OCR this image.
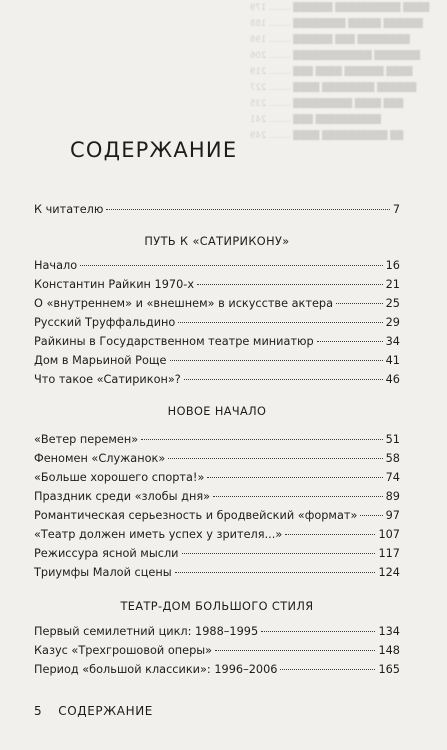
████ ██████████ ██████ ........ 179
██████ █████ ████████ ........ 188
████████ ███ ██████ ........ 198
███████ ████████████ ........ 206
████ ██████ ████ ███ ........ 219
██████ ████████ ████ ........ 227
███ ████ █████████ ........ 235
██████████ ███ ........ 241
██ ██████████ ████ ........ 249
СОДЕРЖАНИЕ
К читателю	7
ПУТЬ К «САТИРИКОНУ»
Начало	16
Константин Райкин 1970-х	21
О «внутреннем» и «внешнем» в искусстве актера	25
Русский Труффальдино	29
Райкины в Государственном театре миниатюр	34
Дом в Марьиной Роще	41
Что такое «Сатирикон»?	46
НОВОЕ НАЧАЛО
«Ветер перемен»	51
Феномен «Служанок»	58
«Больше хорошего спорта!»	74
Праздник среди «злобы дня»	89
Романтическая серьезность и бродвейский «формат»	97
«Театр должен иметь успех у зрителя...»	107
Режиссура ясной мысли	117
Триумфы Малой сцены	124
ТЕАТР-ДОМ БОЛЬШОГО СТИЛЯ
Первый семилетний цикл: 1988–1995	134
Казус «Трехгрошовой оперы»	148
Период «большой классики»: 1996–2006	165
5 СОДЕРЖАНИЕ
